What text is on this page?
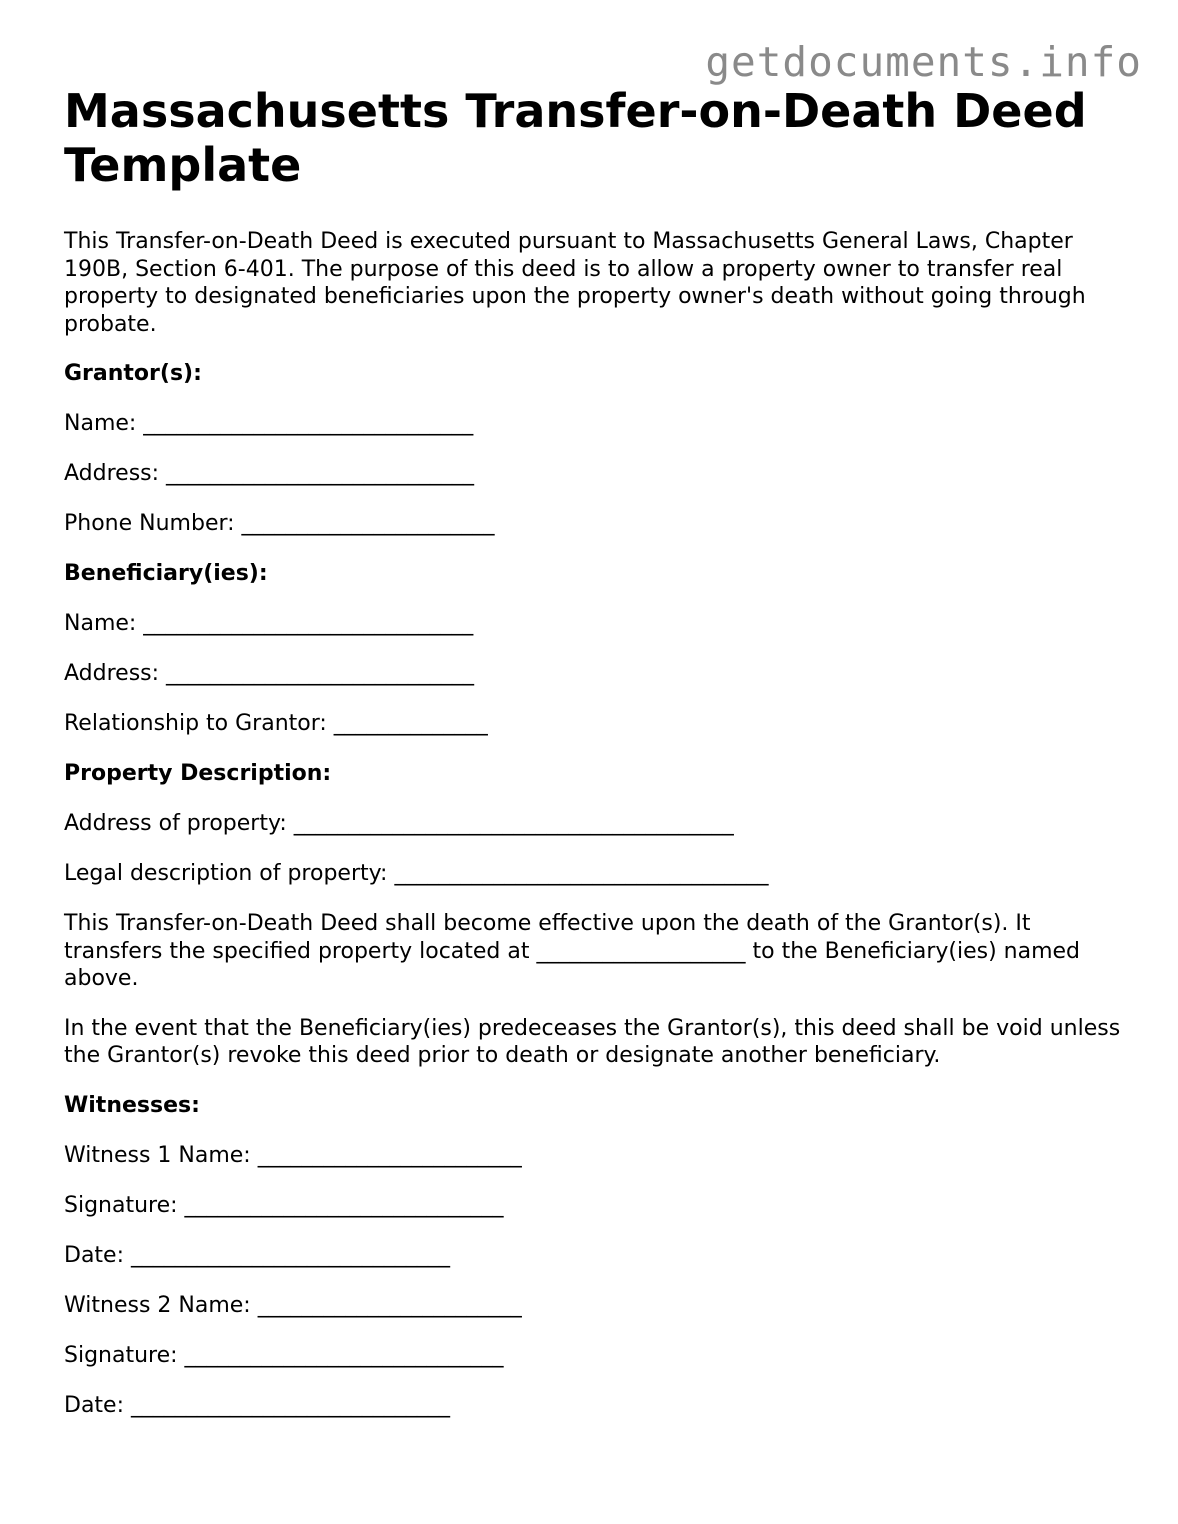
getdocuments.info
Massachusetts Transfer-on-Death Deed Template

This Transfer-on-Death Deed is executed pursuant to Massachusetts General Laws, Chapter 190B, Section 6-401. The purpose of this deed is to allow a property owner to transfer real property to designated beneficiaries upon the property owner's death without going through probate.

Grantor(s):
Name: ______________________________
Address: ____________________________
Phone Number: _______________________
Beneficiary(ies):
Name: ______________________________
Address: ____________________________
Relationship to Grantor: ______________
Property Description:
Address of property: ________________________________________
Legal description of property: __________________________________

This Transfer-on-Death Deed shall become effective upon the death of the Grantor(s). It transfers the specified property located at ___________________ to the Beneficiary(ies) named above.

In the event that the Beneficiary(ies) predeceases the Grantor(s), this deed shall be void unless the Grantor(s) revoke this deed prior to death or designate another beneficiary.

Witnesses:
Witness 1 Name: ________________________
Signature: _____________________________
Date: _____________________________
Witness 2 Name: ________________________
Signature: _____________________________
Date: _____________________________
